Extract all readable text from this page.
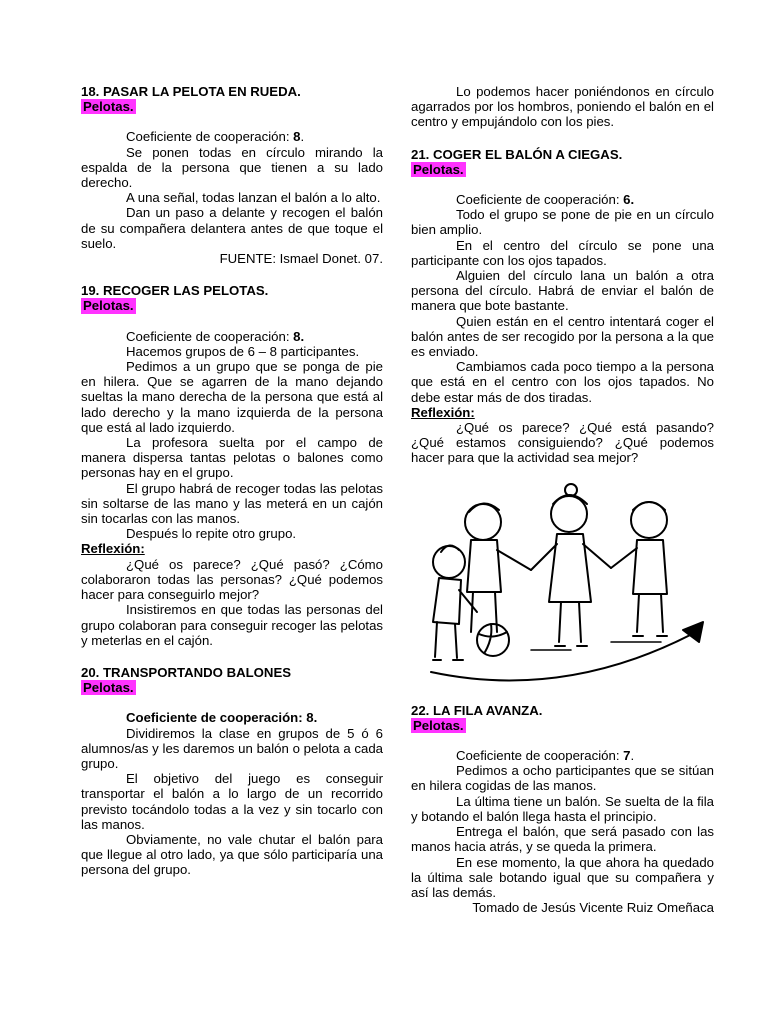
18. PASAR LA PELOTA EN RUEDA.

Pelotas.

Coeficiente de cooperación: 8.

Se ponen todas en círculo mirando la espalda de la persona que tienen a su lado derecho.

A una señal, todas lanzan el balón a lo alto.

Dan un paso a delante y recogen el balón de su compañera delantera antes de que toque el suelo.

FUENTE: Ismael Donet. 07.

19. RECOGER LAS PELOTAS.

Pelotas.

Coeficiente de cooperación: 8.

Hacemos grupos de 6 – 8 participantes.

Pedimos a un grupo que se ponga de pie en hilera. Que se agarren de la mano dejando sueltas la mano derecha de la persona que está al lado derecho y la mano izquierda de la persona que está al lado izquierdo.

La profesora suelta por el campo de manera dispersa tantas pelotas o balones como personas hay en el grupo.

El grupo habrá de recoger todas las pelotas sin soltarse de las mano y las meterá en un cajón sin tocarlas con las manos.

Después lo repite otro grupo.

Reflexión:

¿Qué os parece? ¿Qué pasó? ¿Cómo colaboraron todas las personas? ¿Qué podemos hacer para conseguirlo mejor?

Insistiremos en que todas las personas del grupo colaboran para conseguir recoger las pelotas y meterlas en el cajón.

20. TRANSPORTANDO BALONES

Pelotas.

Coeficiente de cooperación: 8.

Dividiremos la clase en grupos de 5 ó 6 alumnos/as y les daremos un balón o pelota a cada grupo.

El objetivo del juego es conseguir transportar el balón a lo largo de un recorrido previsto tocándolo todas a la vez y sin tocarlo con las manos.

Obviamente, no vale chutar el balón para que llegue al otro lado, ya que sólo participaría una persona del grupo.

Lo podemos hacer poniéndonos en círculo agarrados por los hombros, poniendo el balón en el centro y empujándolo con los pies.

21. COGER EL BALÓN A CIEGAS.

Pelotas.

Coeficiente de cooperación: 6.

Todo el grupo se pone de pie en un círculo bien amplio.

En el centro del círculo se pone una participante con los ojos tapados.

Alguien del círculo lana un balón a otra persona del círculo. Habrá de enviar el balón de manera que bote bastante.

Quien están en el centro intentará coger el balón antes de ser recogido por la persona a la que es enviado.

Cambiamos cada poco tiempo a la persona que está en el centro con los ojos tapados. No debe estar más de dos tiradas.

Reflexión:

¿Qué os parece? ¿Qué está pasando? ¿Qué estamos consiguiendo? ¿Qué podemos hacer para que la actividad sea mejor?

22. LA FILA AVANZA.

Pelotas.

Coeficiente de cooperación: 7.

Pedimos a ocho participantes que se sitúan en hilera cogidas de las manos.

La última tiene un balón. Se suelta de la fila y botando el balón llega hasta el principio.

Entrega el balón, que será pasado con las manos hacia atrás, y se queda la primera.

En ese momento, la que ahora ha quedado la última sale botando igual que su compañera y así las demás.

Tomado de Jesús Vicente Ruiz Omeñaca
